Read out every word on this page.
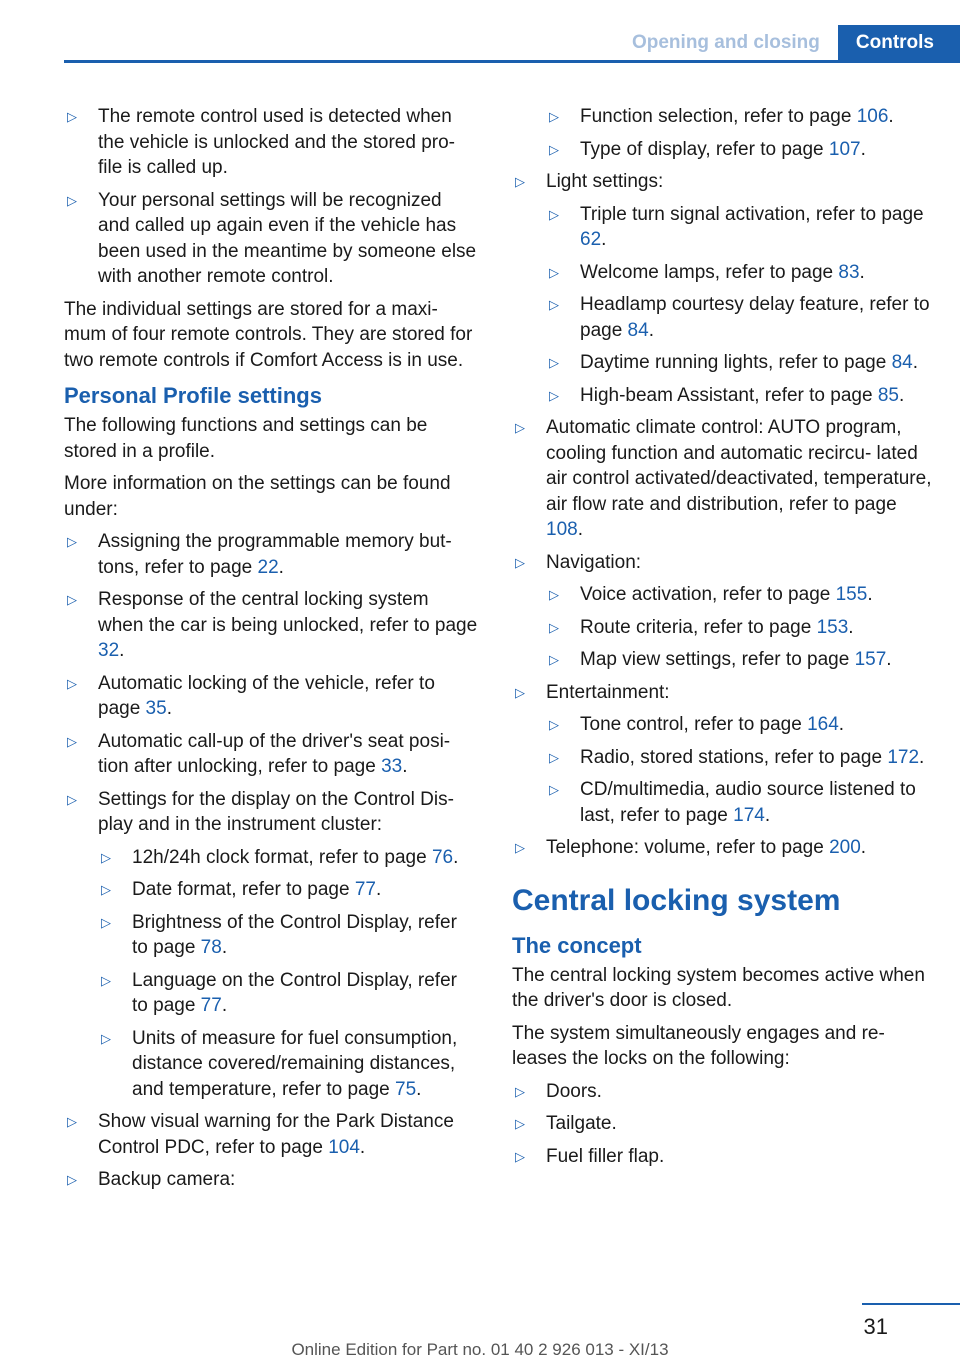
Opening and closing	Controls
▷ The remote control used is detected when the vehicle is unlocked and the stored pro- file is called up.
▷ Your personal settings will be recognized and called up again even if the vehicle has been used in the meantime by someone else with another remote control.

The individual settings are stored for a maxi- mum of four remote controls. They are stored for two remote controls if Comfort Access is in use.

Personal Profile settings

The following functions and settings can be stored in a profile.

More information on the settings can be found under:

▷ Assigning the programmable memory but- tons, refer to page 22.
▷ Response of the central locking system when the car is being unlocked, refer to page 32.
▷ Automatic locking of the vehicle, refer to page 35.
▷ Automatic call-up of the driver's seat posi- tion after unlocking, refer to page 33.
▷ Settings for the display on the Control Dis- play and in the instrument cluster:
▷ 12h/24h clock format, refer to page 76.
▷ Date format, refer to page 77.
▷ Brightness of the Control Display, refer to page 78.
▷ Language on the Control Display, refer to page 77.
▷ Units of measure for fuel consumption, distance covered/remaining distances, and temperature, refer to page 75.
▷ Show visual warning for the Park Distance Control PDC, refer to page 104.
▷ Backup camera:
▷ Function selection, refer to page 106.
▷ Type of display, refer to page 107.
▷ Light settings:
▷ Triple turn signal activation, refer to page 62.
▷ Welcome lamps, refer to page 83.
▷ Headlamp courtesy delay feature, refer to page 84.
▷ Daytime running lights, refer to page 84.
▷ High-beam Assistant, refer to page 85.
▷ Automatic climate control: AUTO program, cooling function and automatic recircu- lated air control activated/deactivated, temperature, air flow rate and distribution, refer to page 108.
▷ Navigation:
▷ Voice activation, refer to page 155.
▷ Route criteria, refer to page 153.
▷ Map view settings, refer to page 157.
▷ Entertainment:
▷ Tone control, refer to page 164.
▷ Radio, stored stations, refer to page 172.
▷ CD/multimedia, audio source listened to last, refer to page 174.
▷ Telephone: volume, refer to page 200.
Central locking system
The concept

The central locking system becomes active when the driver's door is closed.

The system simultaneously engages and re- leases the locks on the following:

▷ Doors.
▷ Tailgate.
▷ Fuel filler flap.
31
Online Edition for Part no. 01 40 2 926 013 - XI/13
